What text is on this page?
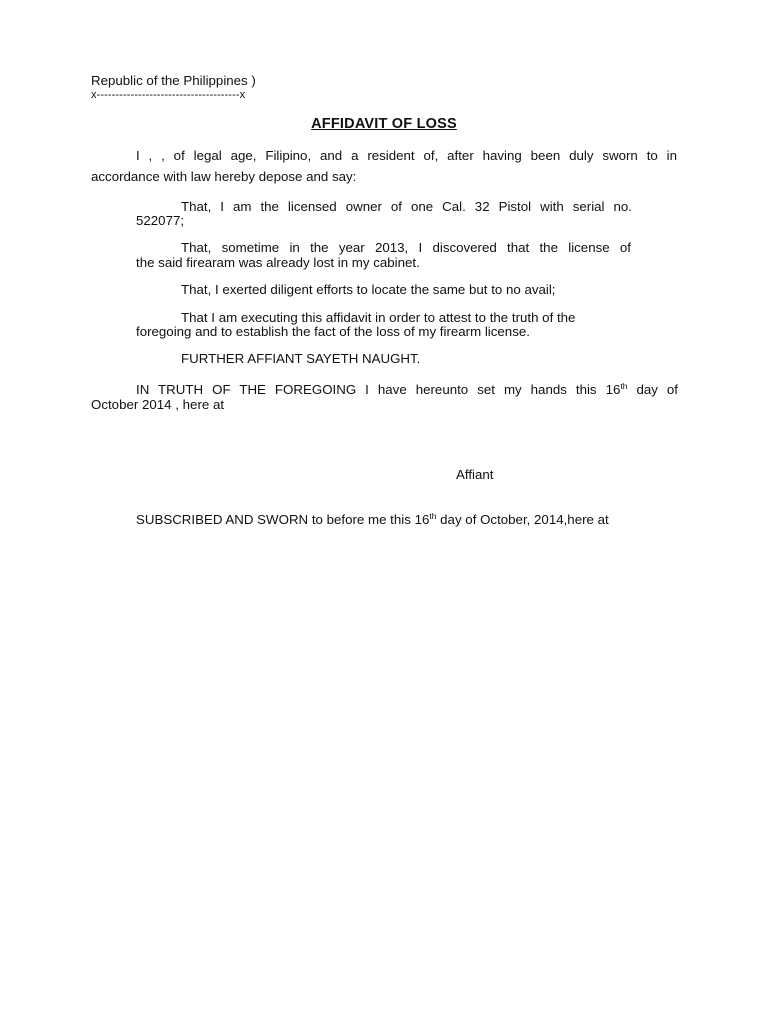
Republic of the Philippines )
x--------------------------------------x
AFFIDAVIT OF LOSS
I , , of legal age, Filipino, and a resident of, after having been duly sworn to in
accordance with law hereby depose and say:
That, I am the licensed owner of one Cal. 32 Pistol with serial no.
522077;
That, sometime in the year 2013, I discovered that the license of
the said firearam was already lost in my cabinet.
That, I exerted diligent efforts to locate the same but to no avail;
That I am executing this affidavit in order to attest to the truth of the
foregoing and to establish the fact of the loss of my firearm license.
FURTHER AFFIANT SAYETH NAUGHT.
IN TRUTH OF THE FOREGOING I have hereunto set my hands this 16th day of
October 2014 , here at
Affiant
SUBSCRIBED AND SWORN to before me this 16th day of October, 2014,here at
